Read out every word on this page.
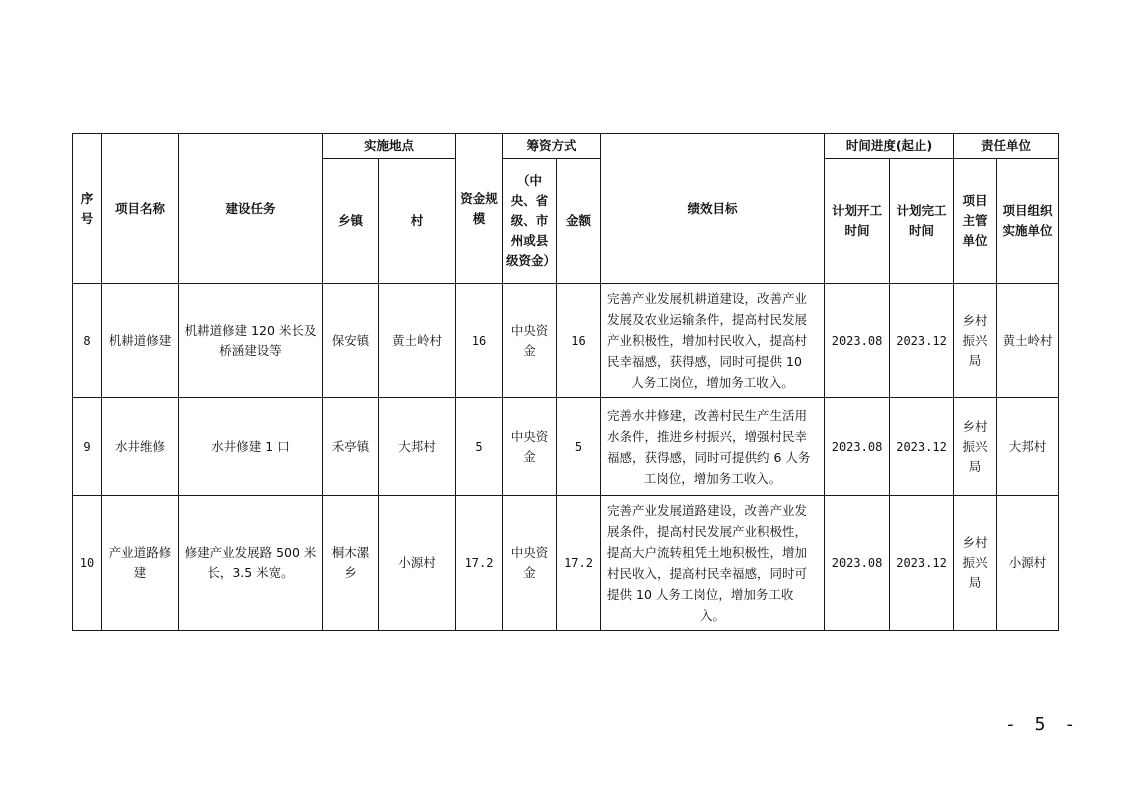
序号	项目名称	建设任务	实施地点		资金规模	筹资方式		绩效目标	时间进度(起止)		责任单位	
			乡镇	村		（中央、省级、市州或县级资金）	金额		计划开工时间	计划完工时间	项目主管单位	项目组织实施单位
8	机耕道修建	机耕道修建 120 米长及桥涵建设等	保安镇	黄土岭村	16	中央资金	16	完善产业发展机耕道建设，改善产业发展及农业运输条件，提高村民发展产业积极性，增加村民收入，提高村民幸福感，获得感，同时可提供 10 人务工岗位，增加务工收入。	2023.08	2023.12	乡村振兴局	黄土岭村
9	水井维修	水井修建 1 口	禾亭镇	大邦村	5	中央资金	5	完善水井修建，改善村民生产生活用水条件，推进乡村振兴，增强村民幸福感，获得感，同时可提供约 6 人务工岗位，增加务工收入。	2023.08	2023.12	乡村振兴局	大邦村
10	产业道路修建	修建产业发展路 500 米长，3.5 米宽。	桐木漯乡	小源村	17.2	中央资金	17.2	完善产业发展道路建设，改善产业发展条件，提高村民发展产业积极性，提高大户流转租凭土地积极性，增加村民收入，提高村民幸福感，同时可提供 10 人务工岗位，增加务工收入。	2023.08	2023.12	乡村振兴局	小源村
- 5 -
